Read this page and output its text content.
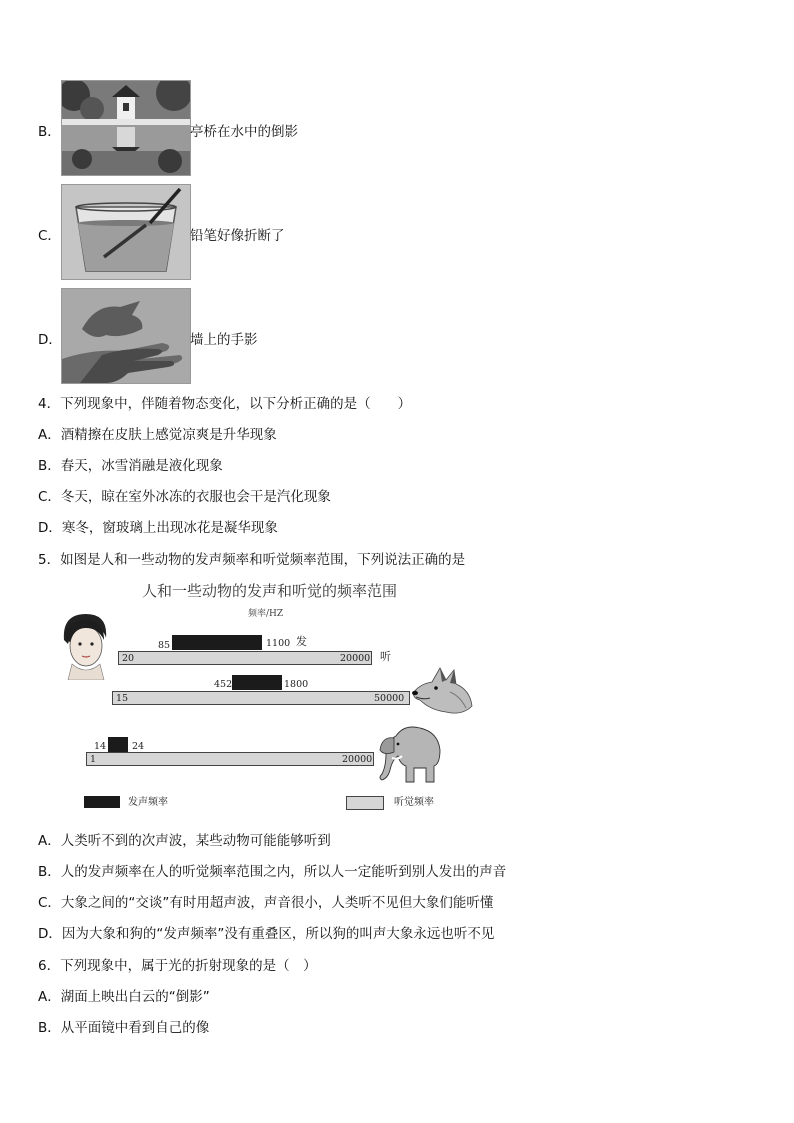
B．	亭桥在水中的倒影
C．	铅笔好像折断了
D．	墙上的手影
4．下列现象中，伴随着物态变化，以下分析正确的是（　　）
A．酒精擦在皮肤上感觉凉爽是升华现象
B．春天，冰雪消融是液化现象
C．冬天，晾在室外冰冻的衣服也会干是汽化现象
D．寒冬，窗玻璃上出现冰花是凝华现象
5．如图是人和一些动物的发声频率和听觉频率范围，下列说法正确的是
人和一些动物的发声和听觉的频率范围
频率/HZ
85	1100 发
20	20000 听
452	1800
15	50000
14	24
1	20000
发声频率	听觉频率
A．人类听不到的次声波，某些动物可能能够听到
B．人的发声频率在人的听觉频率范围之内，所以人一定能听到别人发出的声音
C．大象之间的“交谈”有时用超声波，声音很小，人类听不见但大象们能听懂
D．因为大象和狗的“发声频率”没有重叠区，所以狗的叫声大象永远也听不见
6．下列现象中，属于光的折射现象的是（　）
A．湖面上映出白云的“倒影”
B．从平面镜中看到自己的像
